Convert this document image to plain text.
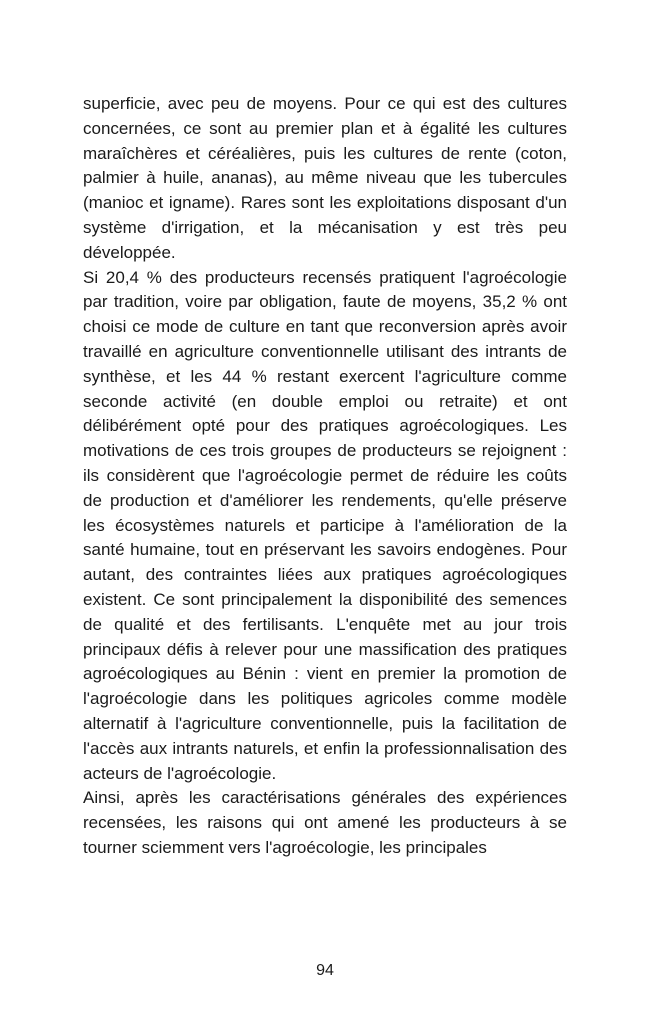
superficie, avec peu de moyens. Pour ce qui est des cultures concernées, ce sont au premier plan et à égalité les cultures maraîchères et céréalières, puis les cultures de rente (coton, palmier à huile, ananas), au même niveau que les tubercules (manioc et igname). Rares sont les exploitations disposant d'un système d'irrigation, et la mécanisation y est très peu développée.

Si 20,4 % des producteurs recensés pratiquent l'agroécologie par tradition, voire par obligation, faute de moyens, 35,2 % ont choisi ce mode de culture en tant que reconversion après avoir travaillé en agriculture conventionnelle utilisant des intrants de synthèse, et les 44 % restant exercent l'agriculture comme seconde activité (en double emploi ou retraite) et ont délibérément opté pour des pratiques agroécologiques. Les motivations de ces trois groupes de producteurs se rejoignent : ils considèrent que l'agroécologie permet de réduire les coûts de production et d'améliorer les rendements, qu'elle préserve les écosystèmes naturels et participe à l'amélioration de la santé humaine, tout en préservant les savoirs endogènes. Pour autant, des contraintes liées aux pratiques agroécologiques existent. Ce sont principalement la disponibilité des semences de qualité et des fertilisants. L'enquête met au jour trois principaux défis à relever pour une massification des pratiques agroécologiques au Bénin : vient en premier la promotion de l'agroécologie dans les politiques agricoles comme modèle alternatif à l'agriculture conventionnelle, puis la facilitation de l'accès aux intrants naturels, et enfin la professionnalisation des acteurs de l'agroécologie.

Ainsi, après les caractérisations générales des expériences recensées, les raisons qui ont amené les producteurs à se tourner sciemment vers l'agroécologie, les principales

94
